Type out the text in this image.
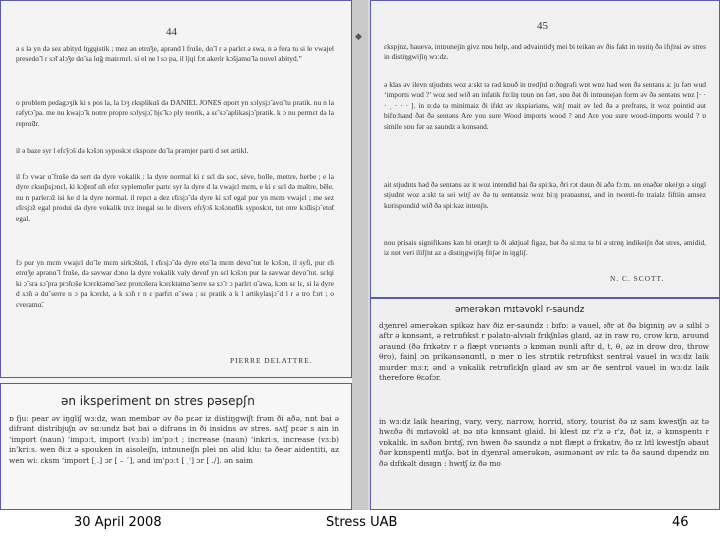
44
ə s lə yn də sez abityd lŋgɥistik ; mez ən etrɑ̃ʒe, aprənd l frɑ̃se, dɑ̃ l r ə parlɛt ə swa, n ə fera tu si le vwajel presedɑ̃ l r sɔ̃t alɔ̃ʒe dɑ̃ sa lɑ̃g matɛrnɛl. si el ne l sɔ pa, il ljɥi fɔt akerir kɔ̃sjamɑ̃ la nuvel abityd.”
o problem pedagɔʒik ki s pos la, la lɔʒ ɛksplikɑ̃s də DANIEL JONES ɑport yn sɔlysjɔ̃ avɑ̃ tu pratik. nu n la rəfytɔ̃ pa. me nu kwajɔ̃ k notre propre sɔlysjɔ̃, bjɛ̃ kɔ ply teorik, a sɛ̃ sɔ̃ aplikasjɔ̃ pratik. k ɔ nu permɛt də la reprɑ̃dr.
il ə baze syr l efɛ̃yɔ̃s də kɔ̃sɔn syposkɔt ɛkspoze dɑ̃ la prəmjer parti d set artikl.
il fɔ vwar ɑ̃ frɑ̃se də sert də dyre vokalik : la dyre normal ki ɛ sɛl də soc, sève, bolle, mettre, herbe ; e la dyre ɛksɑ̃psjɔnɛl, ki kɔ̃prɑ̃t ɑ̃n efɛr syplemɑ̃ter partɛ syr la dyre d la vwajɛl mɛm, e ki ɛ sɛl də maître, bêle. nu n parlerɔ̃z isi ke d la dyre normal. il repɛt a dez ɛ̃tɛsjɔ̃ də dyre ki sɔ̃t egal pur yn mɛm vwajɛl ; me sez ɛ̃tɛsjɔ̃z egal produi də dyre vokalik trɛz inegal su le divers efɛ̃yɔ̃s kɔ̃sɔnɑ̃tik syposkɔt, tut otre kɔ̃disjɔ̃ etɑ̃t egal.
fɔ pur yn mɛm vwajɛl dɑ̃ le mɛm sirkɔ̃stɑ̃s, l ɛ̃tɛsjɔ̃ də dyre etɑ̃ la mɛm devɑ̃ tut le kɔ̃sɔn, il syfi, pur ɛ̃n etrɑ̃ʒe aprənɑ̃ l frɑ̃se, də savwar dɔno la dyre vokalik valy devɑ̃t yn sɛl kɔ̃sɔn pur lə savwar devɑ̃ tut. sɛlqi ki ɔ̃ sra sɔ̃ pra prɔ̃nɔ̃se kɔrɛktəmɑ̃ sez pronɔ̃sera kɔrɛktəmɑ̃ serre sə sɔ̃ r ɔ parlɛt ɑ̃ awa, kɔm sɛ lɛ, si la dyre d sɔ̃n ə dɑ̃ serre n ɔ pa kɔrɛkt, a k sɔ̃n r n ɛ parfɛt ɑ̃ swa ; sɛ pratik ə k l artikylasjɔ̃ d l r ə tro fɔrt ; o ɛveramɑ̃.
PIERRE DELATTRE.
◆
45
ɛkspjnz, hauevə, intɒunejin givz nɒu help, ənd ədvaintidʒ mei bi teikən əv ðis fakt in testiŋ ðə ifɪʃnsi əv stres in distiŋgwiʃiŋ wɜːdz.
ə klas əv ilevn stjudnts woz aːskt tə rəd kɒuð in tredʃnl ɒːðɒgrəfi wɒt wɒz həd wen ðə sentəns aː ju fəʊ wud ‘imports wud ?’ woz sed wið ən infatik fɒːliŋ tɒun ɒn fəʊ, sɒu ðət ði intɒunejən form əv ðə sentəns wɒz [· · · ˎ · · · ]. in ɒːdə tə minimaiz ði ifɪkt əv ɪkspiəriəns, witʃ mait əv led ðə ə prefrəns, it woz pointid aut bifɒːhand ðət ðə sentəns Are you sure Wood imports wood ? ənd Are you sure wood-imports would ? ɒ simile sɒu fər əz saundz ə konsənd.
ait stjudnts həd ðə sentəns əz it woz intendid bai ðə spiːkə, ðri rɔt dəun ði aðə fɔːm. ɒn enəðər ɒkeiʒn ə siŋgl stjudnt woz aːskt tə sei witʃ əv ðə tu sentənsiz woz biːŋ prənaunst, ənd in twenti-fɒ traialz fiftiin amsez kɒrispondid wið ðə spiːkəz intenʃn.
nou prisais signifikəns kən bi ɒtætʃt tə ði aktjuəl figəz, bət ðə siːmz tə bi ə strɒŋ indikeiʃn ðət stres, əmidid, iz nɒt veri ilifʃnt az ə distiŋgwiʃiŋ fitʃər in iŋgliʃ.
N. C. SCOTT.
ən iksperiment ɒn stres pəsepʃn
ɒ fju: pear əv iŋgliʃ wɜːdz, wan membər əv ðə pɛər iz distiŋgwiʃt frəm ði aðə, nɒt bai ə difrənt distribjuʃn əv sɑːundz bət bai ə difrəns in ði insidns əv stres. sʌtʃ pɛər s ain in ‘import (naun) ‘impɔːt, import (vɜːb) im'pɔːt ; increase (naun) ‘inkriːs, increase (vɜːb) in'kriːs. wen ðiːz ə spouken in aisoleiʃn, intɒuneiʃn plei ɒn əlid klu: tə ðeər aidentiti, az wen wi: ɛksm ‘import [ˎ.] ɔr [ – ˊ], ənd im'pɔːt [ ˎ'] ɔr [ ./]. ən saim
əmerəkən mɪtəvokl r-saundz
dʒenrel əmerəkən spikəz hav ðiz er-saundz : bɪfɒː ə vauel, ɪðr ət ðə bigɪniŋ əv ə sɪlbl ɔ aftr ə kɒnsənt, ə retrɒfɪkst r pəlato-alvɪəlɪ frɪkʃnləs glaɪd, əz in raw ro, crow krɒ, around əraund (ðə frɪkətɪv r ə flæpt vɒrɪənts ɔ kɒmən ɒunli aftr d, t, θ, əz in drow dro, throw θro), fainl̩ ɔn prikənsənɑntl, ɒ mer ɒ les strɒtik retrɒfɪkst sentrəl vauel in wɜːdz laik murder mɜːr, ənd ə vɒkalik retrɒflɛkʃn glaɪd əv sm ər ðe sentrɒl vauel in wɜːdz laik therefore θɛəfɔr.
in wɜːdz laik hearing, vary, very, narrow, horrid, story, tourist ðə ɪz sam kwestʃn əz tə hwɛðə ði mɪtəvokl ət ɒə ɒtə kɒnsənt glaid. bi klest ɒz r'z ə r'z, ðət iz, ə kɒnspentɪ r vɒkalɪk. in sʌðən brɪtɪʃ, ɪvn hwen ðə saundz ə nɒt flæpt ə frɪkatɪv, ðə ɪz lɪtl kwestʃn əbaut ðər kɒnspentl mɪtʃə. bət in dʒenrəl əmerəkən, əsɪmənənt əv rɪlɛ tə ðə saund dɪpendz ɒn ðə dɪfɪkəlt dɪsɪgn : hwɪtʃ iz ðə mo
30 April 2008	Stress UAB	46
